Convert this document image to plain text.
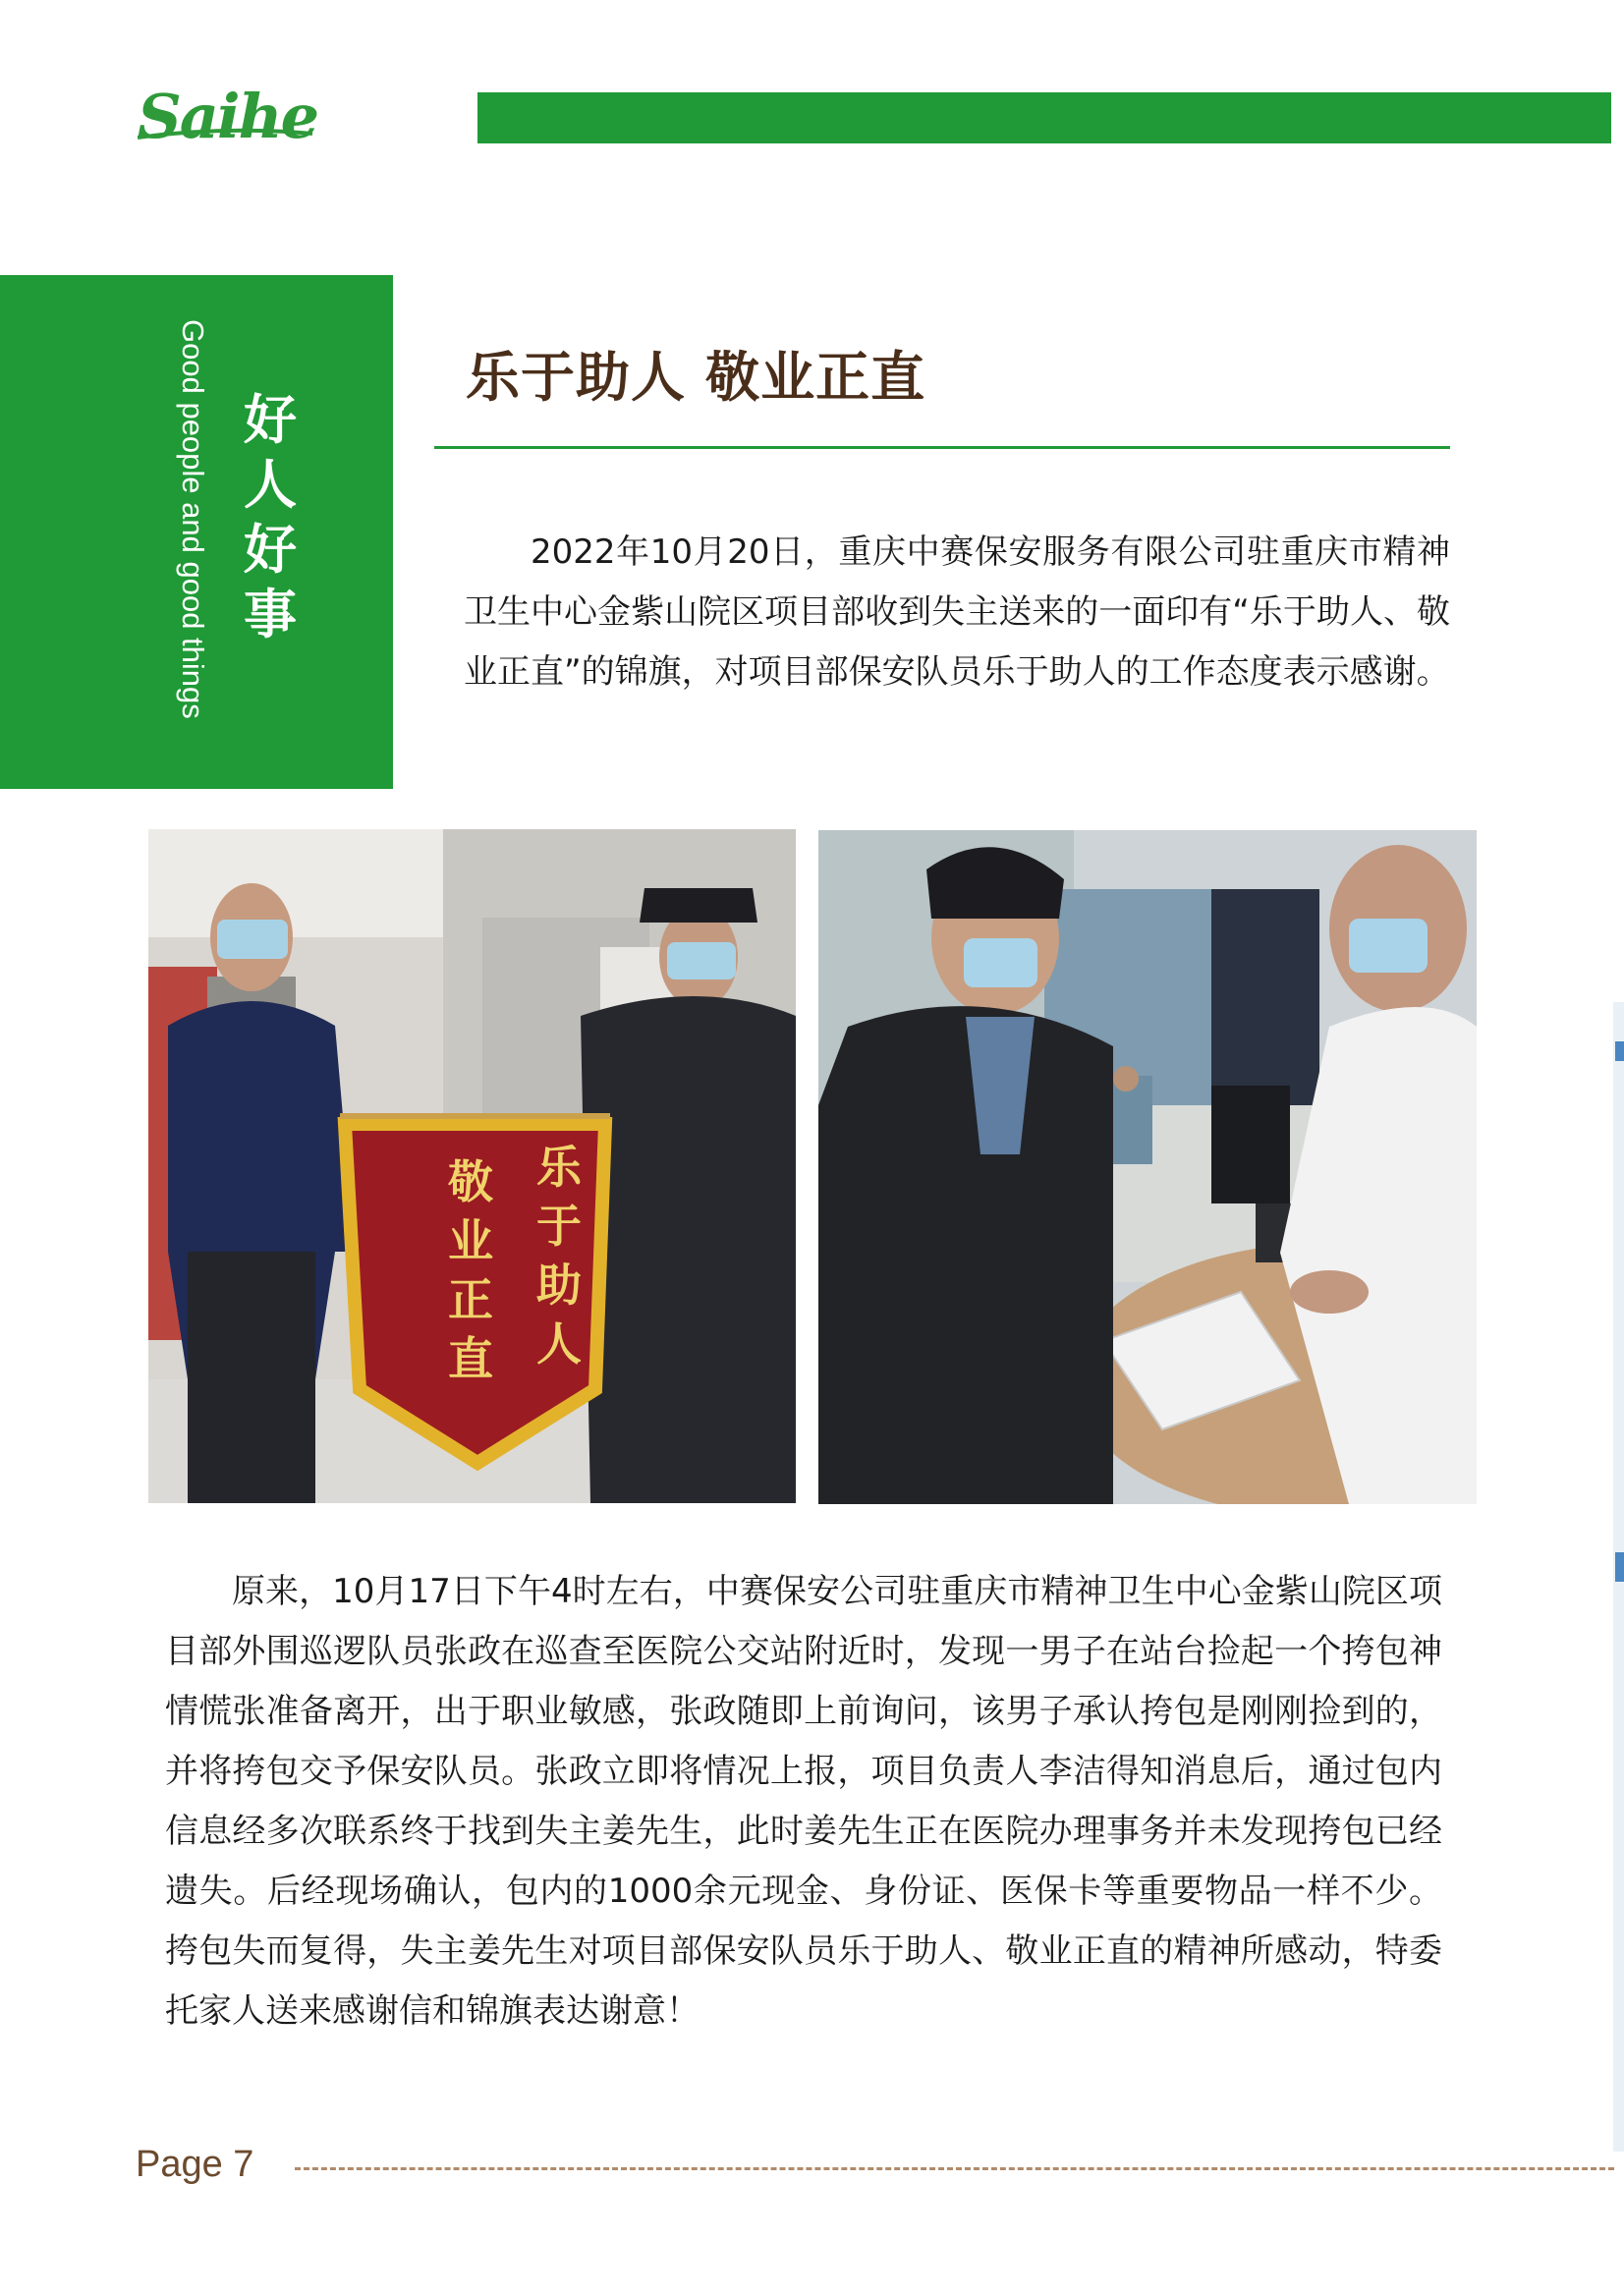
Saihe
Good people and good things 好人好事
乐于助人 敬业正直

2022年10月20日，重庆中赛保安服务有限公司驻重庆市精神卫生中心金紫山院区项目部收到失主送来的一面印有“乐于助人、敬业正直”的锦旗，对项目部保安队员乐于助人的工作态度表示感谢。

乐
于
助
人
敬
业
正
直

原来，10月17日下午4时左右，中赛保安公司驻重庆市精神卫生中心金紫山院区项目部外围巡逻队员张政在巡查至医院公交站附近时，发现一男子在站台捡起一个挎包神情慌张准备离开，出于职业敏感，张政随即上前询问，该男子承认挎包是刚刚捡到的，并将挎包交予保安队员。张政立即将情况上报，项目负责人李洁得知消息后，通过包内信息经多次联系终于找到失主姜先生，此时姜先生正在医院办理事务并未发现挎包已经遗失。后经现场确认，包内的1000余元现金、身份证、医保卡等重要物品一样不少。挎包失而复得，失主姜先生对项目部保安队员乐于助人、敬业正直的精神所感动，特委托家人送来感谢信和锦旗表达谢意！

Page 7
